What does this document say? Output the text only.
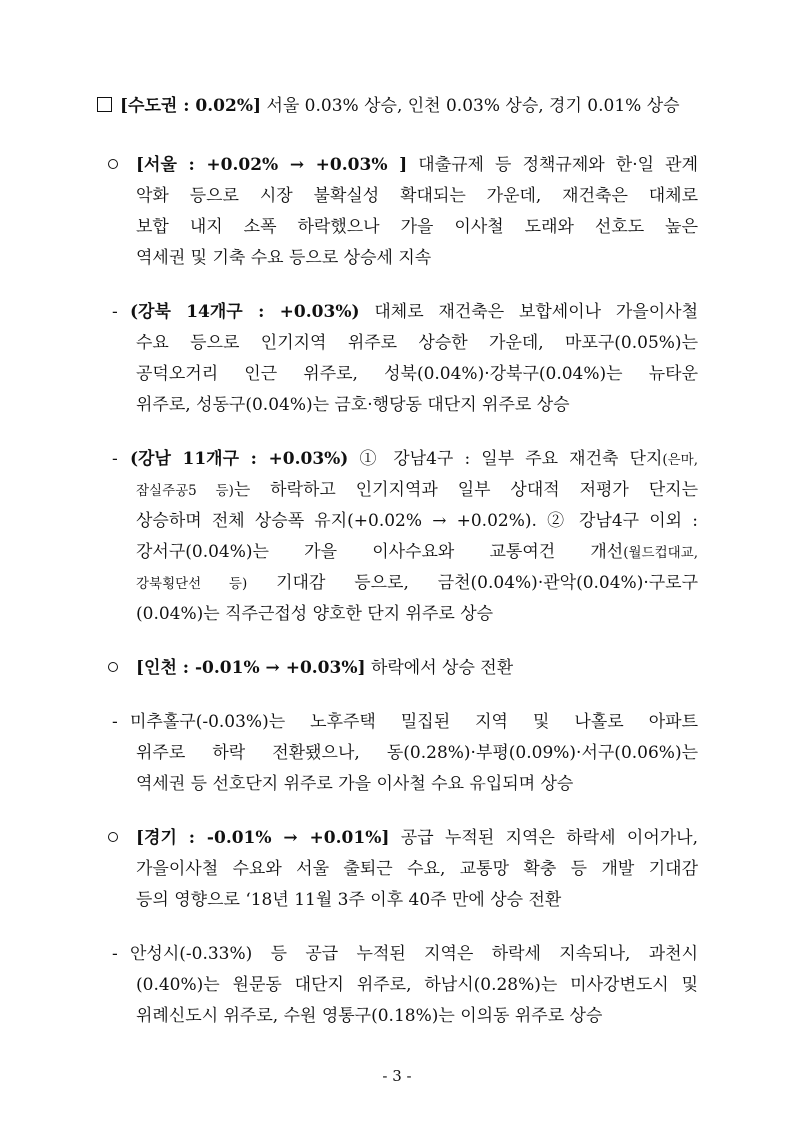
[수도권 : 0.02%] 서울 0.03% 상승, 인천 0.03% 상승, 경기 0.01% 상승
[서울 : +0.02% → +0.03% ] 대출규제 등 정책규제와 한·일 관계
악화 등으로 시장 불확실성 확대되는 가운데, 재건축은 대체로
보합 내지 소폭 하락했으나 가을 이사철 도래와 선호도 높은
역세권 및 기축 수요 등으로 상승세 지속
- (강북 14개구 : +0.03%) 대체로 재건축은 보합세이나 가을이사철
수요 등으로 인기지역 위주로 상승한 가운데, 마포구(0.05%)는
공덕오거리 인근 위주로, 성북(0.04%)·강북구(0.04%)는 뉴타운
위주로, 성동구(0.04%)는 금호·행당동 대단지 위주로 상승
- (강남 11개구 : +0.03%) ① 강남4구 : 일부 주요 재건축 단지(은마,
잠실주공5 등)는 하락하고 인기지역과 일부 상대적 저평가 단지는
상승하며 전체 상승폭 유지(+0.02% → +0.02%). ② 강남4구 이외 :
강서구(0.04%)는 가을 이사수요와 교통여건 개선(월드컵대교,
강북횡단선 등) 기대감 등으로, 금천(0.04%)·관악(0.04%)·구로구
(0.04%)는 직주근접성 양호한 단지 위주로 상승
[인천 : -0.01% → +0.03%] 하락에서 상승 전환
- 미추홀구(-0.03%)는 노후주택 밀집된 지역 및 나홀로 아파트
위주로 하락 전환됐으나, 동(0.28%)·부평(0.09%)·서구(0.06%)는
역세권 등 선호단지 위주로 가을 이사철 수요 유입되며 상승
[경기 : -0.01% → +0.01%] 공급 누적된 지역은 하락세 이어가나,
가을이사철 수요와 서울 출퇴근 수요, 교통망 확충 등 개발 기대감
등의 영향으로 ‘18년 11월 3주 이후 40주 만에 상승 전환
- 안성시(-0.33%) 등 공급 누적된 지역은 하락세 지속되나, 과천시
(0.40%)는 원문동 대단지 위주로, 하남시(0.28%)는 미사강변도시 및
위례신도시 위주로, 수원 영통구(0.18%)는 이의동 위주로 상승
- 3 -
